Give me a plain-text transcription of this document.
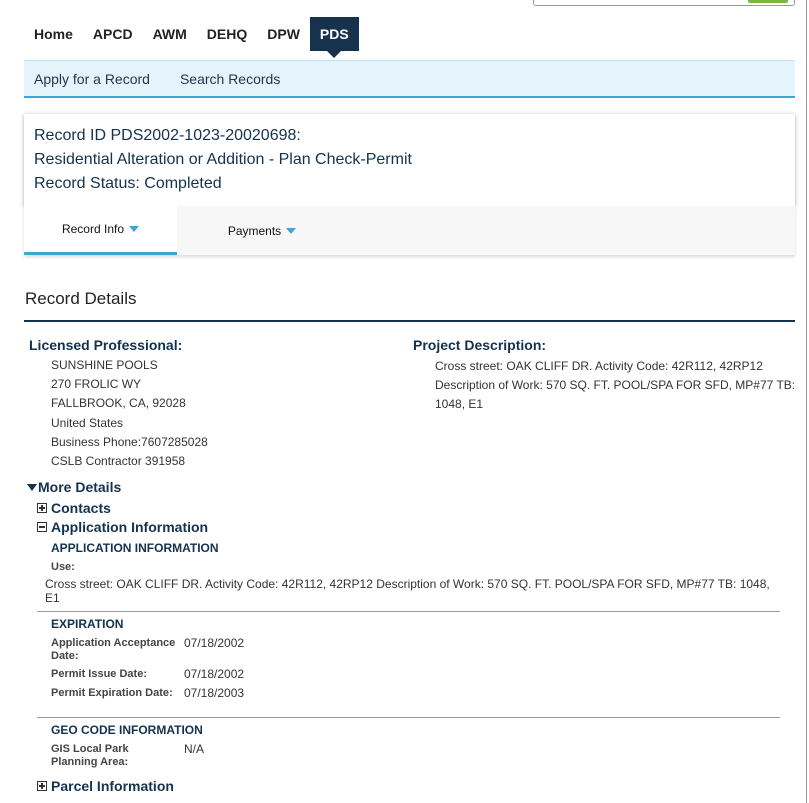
Home	APCD	AWM	DEHQ	DPW	PDS
Apply for a Record Search Records
Record ID PDS2002-1023-20020698:
Residential Alteration or Addition - Plan Check-Permit
Record Status: Completed
Record Info	Payments
Record Details
Licensed Professional:
SUNSHINE POOLS
270 FROLIC WY
FALLBROOK, CA, 92028
United States
Business Phone:7607285028
CSLB Contractor 391958
Project Description:
Cross street: OAK CLIFF DR. Activity Code: 42R112, 42RP12 Description of Work: 570 SQ. FT. POOL/SPA FOR SFD, MP#77 TB: 1048, E1
More Details
Contacts
Application Information
APPLICATION INFORMATION
Use:
Cross street: OAK CLIFF DR. Activity Code: 42R112, 42RP12 Description of Work: 570 SQ. FT. POOL/SPA FOR SFD, MP#77 TB: 1048, E1
EXPIRATION
Application Acceptance Date:
07/18/2002
Permit Issue Date:	07/18/2002
Permit Expiration Date: 07/18/2003
GEO CODE INFORMATION
GIS Local Park Planning Area:
N/A
Parcel Information
